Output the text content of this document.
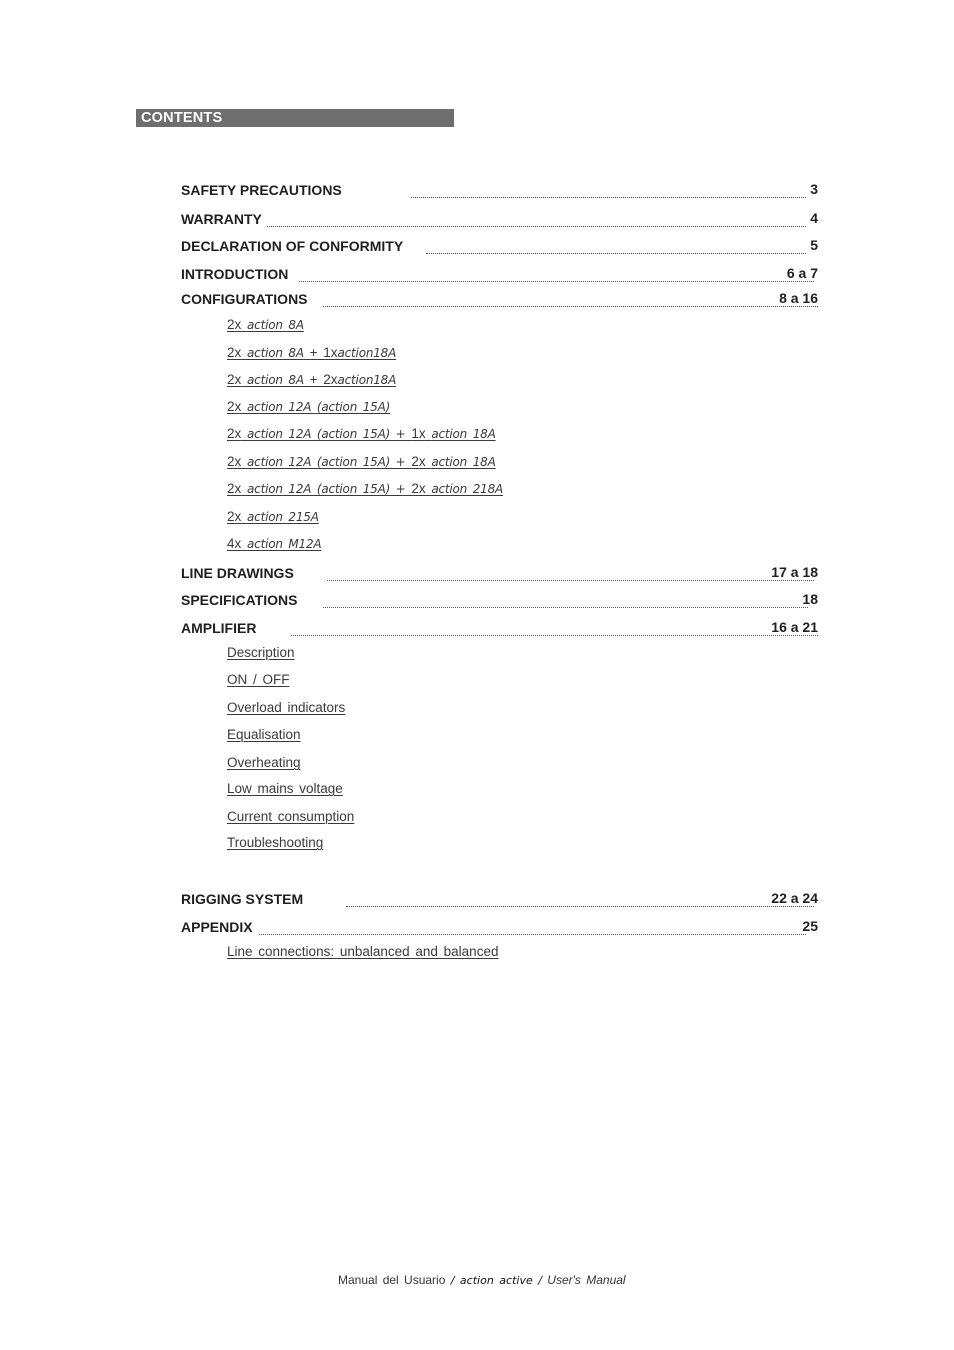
CONTENTS
SAFETY PRECAUTIONS	3
WARRANTY	4
DECLARATION OF CONFORMITY	5
INTRODUCTION	6 a 7
CONFIGURATIONS	8 a 16
2x action 8A
2x action 8A + 1xaction18A
2x action 8A + 2xaction18A
2x action 12A (action 15A)
2x action 12A (action 15A) + 1x action 18A
2x action 12A (action 15A) + 2x action 18A
2x action 12A (action 15A) + 2x action 218A
2x action 215A
4x action M12A
LINE DRAWINGS	17 a 18
SPECIFICATIONS	18
AMPLIFIER	16 a 21
Description
ON / OFF
Overload indicators
Equalisation
Overheating
Low mains voltage
Current consumption
Troubleshooting
RIGGING SYSTEM	22 a 24
APPENDIX	25
Line connections: unbalanced and balanced
Manual del Usuario / action active / User's Manual
